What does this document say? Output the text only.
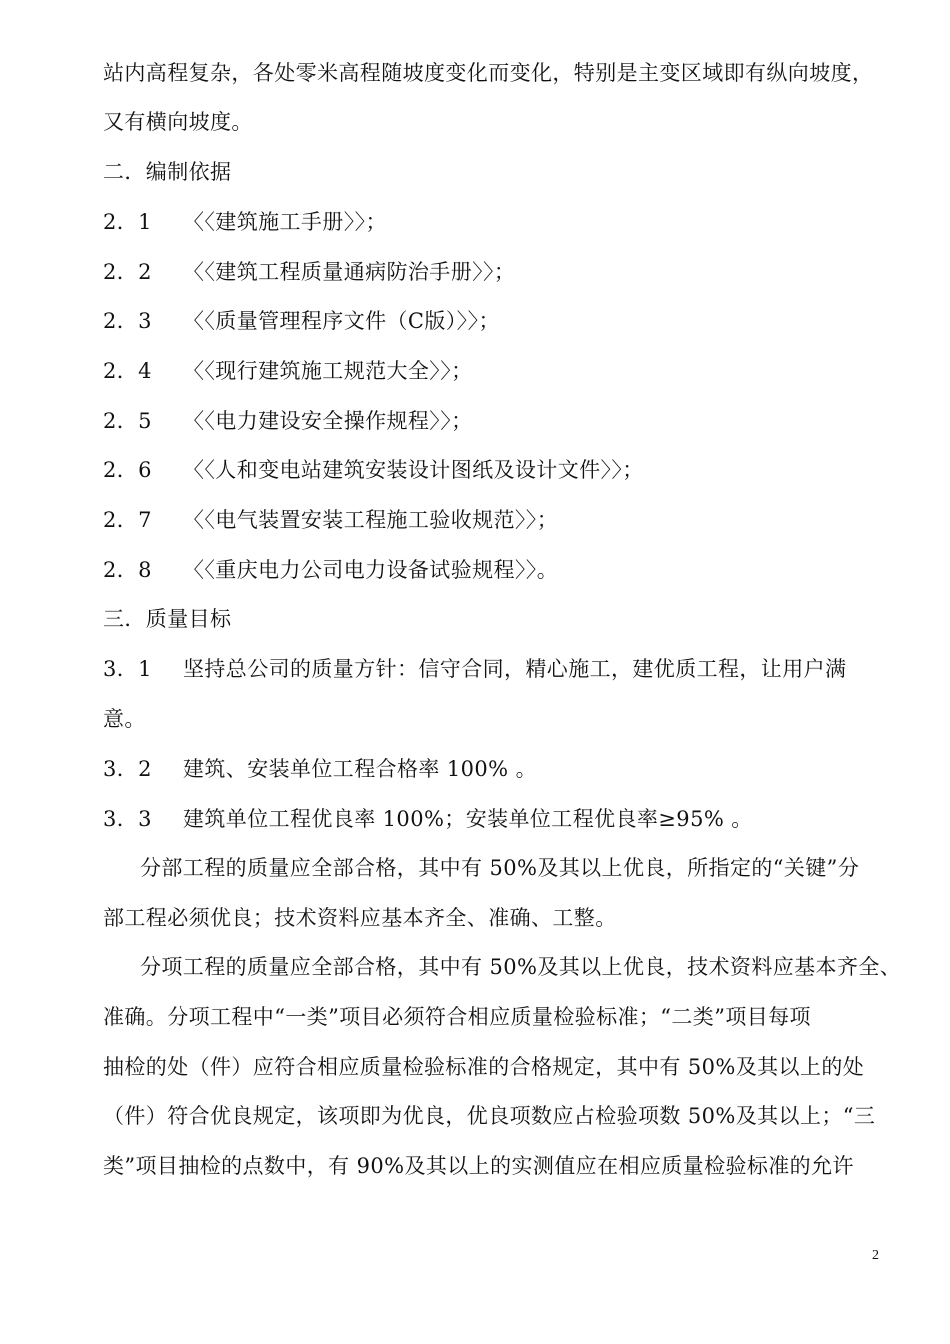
站内高程复杂，各处零米高程随坡度变化而变化，特别是主变区域即有纵向坡度，
又有横向坡度。
二．编制依据
2．1 〈〈建筑施工手册〉〉；
2．2 〈〈建筑工程质量通病防治手册〉〉；
2．3 〈〈质量管理程序文件（C版）〉〉；
2．4 〈〈现行建筑施工规范大全〉〉；
2．5 〈〈电力建设安全操作规程〉〉；
2．6 〈〈人和变电站建筑安装设计图纸及设计文件〉〉；
2．7 〈〈电气装置安装工程施工验收规范〉〉；
2．8 〈〈重庆电力公司电力设备试验规程〉〉。
三．质量目标
3．1 坚持总公司的质量方针：信守合同，精心施工，建优质工程，让用户满
意。
3．2 建筑、安装单位工程合格率 100% 。
3．3 建筑单位工程优良率 100%；安装单位工程优良率≥95% 。
分部工程的质量应全部合格，其中有 50%及其以上优良，所指定的“关键”分
部工程必须优良；技术资料应基本齐全、准确、工整。
分项工程的质量应全部合格，其中有 50%及其以上优良，技术资料应基本齐全、
准确。分项工程中“一类”项目必须符合相应质量检验标准；“二类”项目每项
抽检的处（件）应符合相应质量检验标准的合格规定，其中有 50%及其以上的处
（件）符合优良规定，该项即为优良，优良项数应占检验项数 50%及其以上；“三
类”项目抽检的点数中，有 90%及其以上的实测值应在相应质量检验标准的允许
2
